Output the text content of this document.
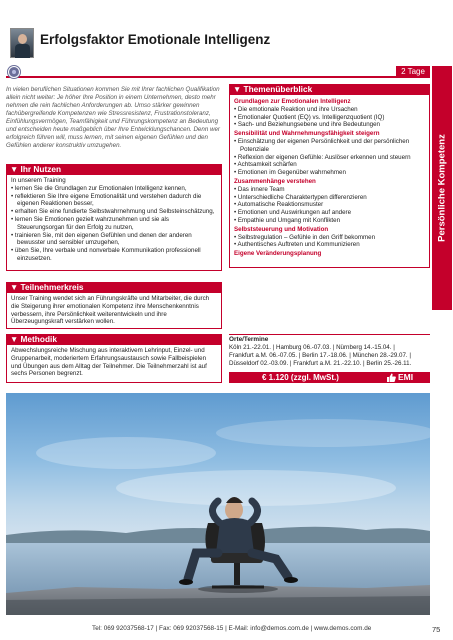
Erfolgsfaktor Emotionale Intelligenz
2 Tage
Persönliche Kompetenz
In vielen beruflichen Situationen kommen Sie mit Ihrer fachlichen Qualifikation allein nicht weiter: Je höher Ihre Position in einem Unternehmen, desto mehr nehmen die rein fachlichen Anforderungen ab. Umso stärker gewinnen fachübergreifende Kompetenzen wie Stressresistenz, Frustrationstoleranz, Einfühlungsvermögen, Teamfähigkeit und Führungskompetenz an Bedeutung und entscheiden heute maßgeblich über Ihre Entwicklungschancen. Denn wer erfolgreich führen will, muss lernen, mit seinen eigenen Gefühlen und den Gefühlen anderer konstruktiv umzugehen.
▼ Ihr Nutzen
In unserem Training
• lernen Sie die Grundlagen zur Emotionalen Intelligenz kennen,
• reflektieren Sie Ihre eigene Emotionalität und verstehen dadurch die eigenen Reaktionen besser,
• erhalten Sie eine fundierte Selbstwahrnehmung und Selbsteinschätzung,
• lernen Sie Emotionen gezielt wahrzunehmen und sie als Steuerungsorgan für den Erfolg zu nutzen,
• trainieren Sie, mit den eigenen Gefühlen und denen der anderen bewusster und sensibler umzugehen,
• üben Sie, Ihre verbale und nonverbale Kommunikation professionell einzusetzen.
▼ Teilnehmerkreis
Unser Training wendet sich an Führungskräfte und Mitarbeiter, die durch die Steigerung ihrer emotionalen Kompetenz ihre Menschenkenntnis verbessern, ihre Persönlichkeit weiterentwickeln und ihre Überzeugungskraft verstärken wollen.
▼ Methodik
Abwechslungsreiche Mischung aus interaktivem Lehrinput, Einzel- und Gruppenarbeit, moderiertem Erfahrungsaustausch sowie Fallbeispielen und Übungen aus dem Alltag der Teilnehmer. Die Teilnehmerzahl ist auf sechs Personen begrenzt.
▼ Themenüberblick
Grundlagen zur Emotionalen Intelligenz
• Die emotionale Reaktion und ihre Ursachen
• Emotionaler Quotient (EQ) vs. Intelligenzquotient (IQ)
• Sach- und Beziehungsebene und ihre Bedeutungen
Sensibilität und Wahrnehmungsfähigkeit steigern
• Einschätzung der eigenen Persönlichkeit und der persönlichen Potenziale
• Reflexion der eigenen Gefühle: Auslöser erkennen und steuern
• Achtsamkeit schärfen
• Emotionen im Gegenüber wahrnehmen
Zusammenhänge verstehen
• Das innere Team
• Unterschiedliche Charaktertypen differenzieren
• Automatische Reaktionsmuster
• Emotionen und Auswirkungen auf andere
• Empathie und Umgang mit Konflikten
Selbststeuerung und Motivation
• Selbstregulation – Gefühle in den Griff bekommen
• Authentisches Auftreten und Kommunizieren
Eigene Veränderungsplanung
Orte/Termine
Köln 21.-22.01. | Hamburg 06.-07.03. | Nürnberg 14.-15.04. |
Frankfurt a.M. 06.-07.05. | Berlin 17.-18.06. | München 28.-29.07. |
Düsseldorf 02.-03.09. | Frankfurt a.M. 21.-22.10. | Berlin 25.-26.11.
€ 1.120 (zzgl. MwSt.)	EMI
Tel: 069 92037568-17 | Fax: 069 92037568-15 | E-Mail: info@demos.com.de | www.demos.com.de	75
